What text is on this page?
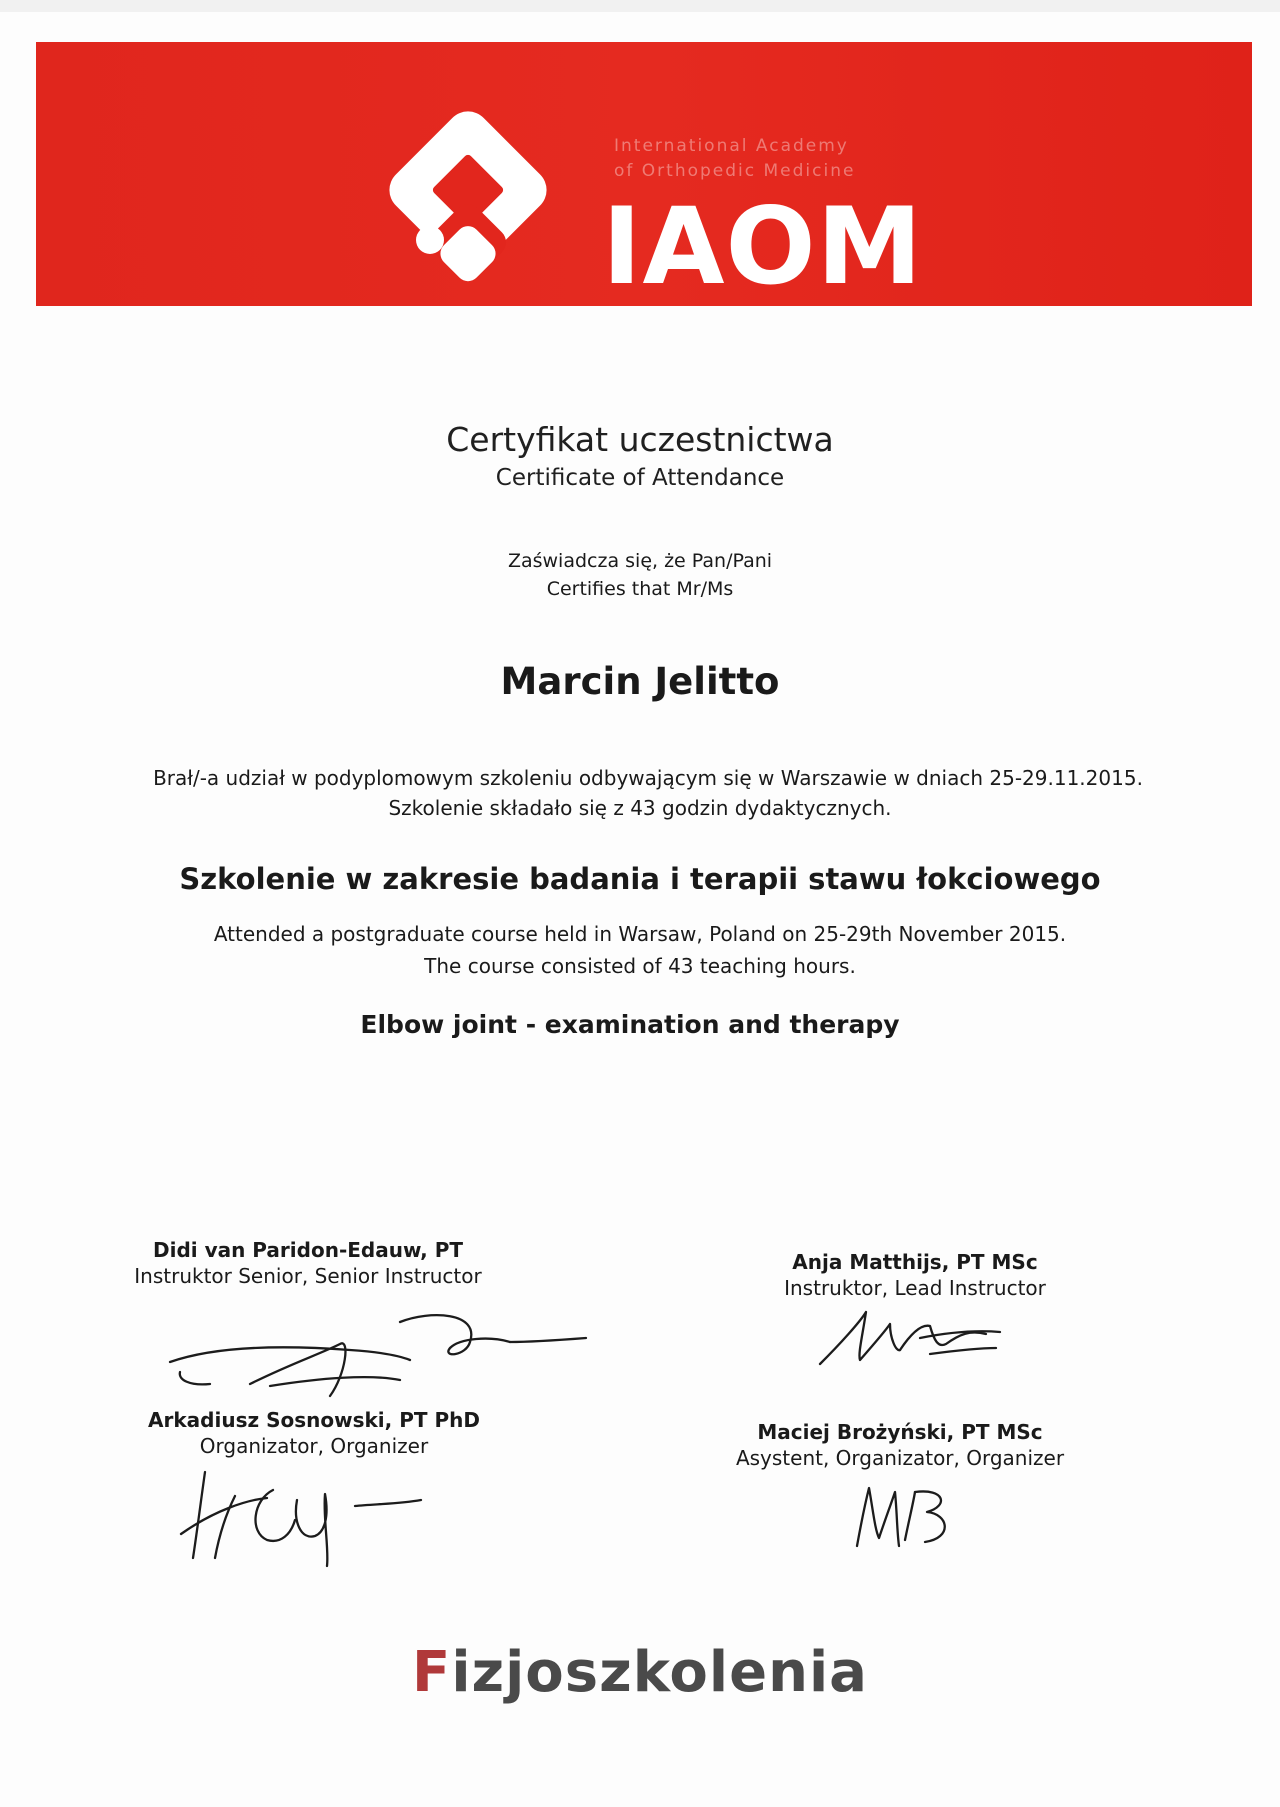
International Academy
of Orthopedic Medicine
IAOM
Certyfikat uczestnictwa
Certificate of Attendance
Zaświadcza się, że Pan/Pani
Certifies that Mr/Ms
Marcin Jelitto
Brał/-a udział w podyplomowym szkoleniu odbywającym się w Warszawie w dniach 25-29.11.2015.
Szkolenie składało się z 43 godzin dydaktycznych.
Szkolenie w zakresie badania i terapii stawu łokciowego
Attended a postgraduate course held in Warsaw, Poland on 25-29th November 2015.
The course consisted of 43 teaching hours.
Elbow joint - examination and therapy
Didi van Paridon-Edauw, PT
Instruktor Senior, Senior Instructor
Anja Matthijs, PT MSc
Instruktor, Lead Instructor
Arkadiusz Sosnowski, PT PhD
Organizator, Organizer
Maciej Brożyński, PT MSc
Asystent, Organizator, Organizer
Fizjoszkolenia
